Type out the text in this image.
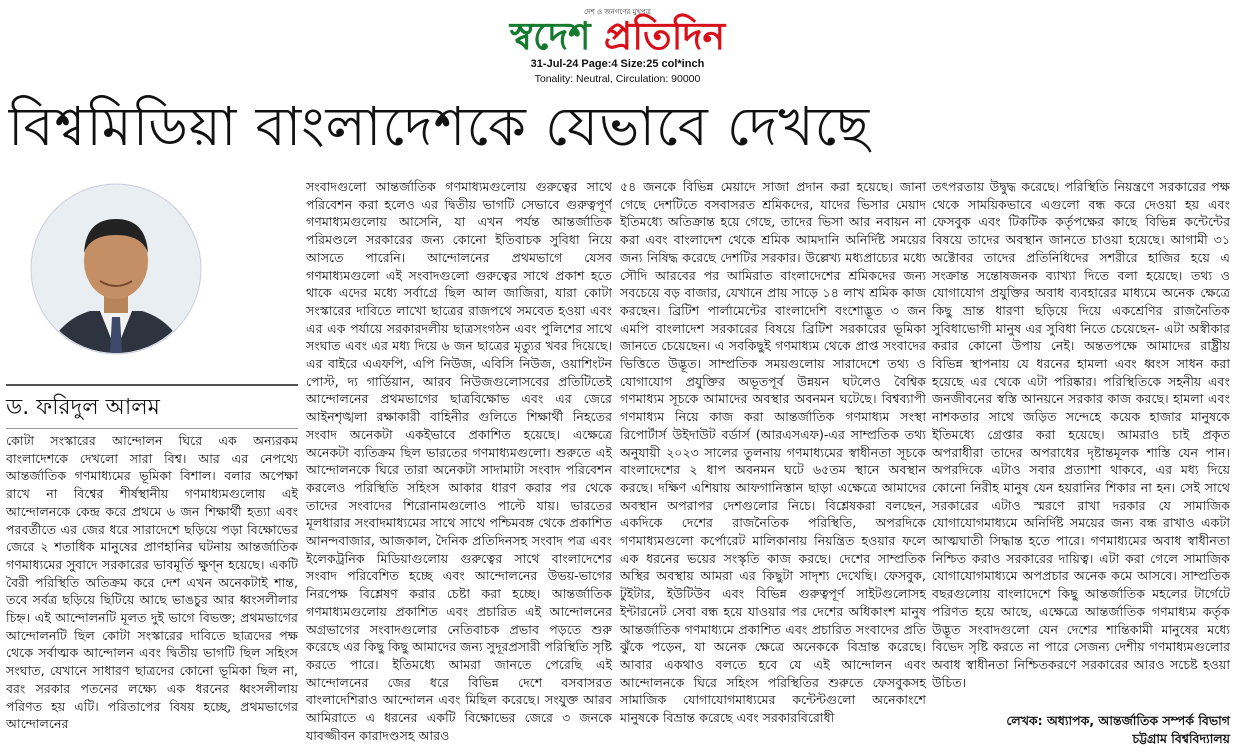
দেশ ও জনগণের মুখপত্র
স্বদেশ প্রতিদিন
31-Jul-24 Page:4 Size:25 col*inch
Tonality: Neutral, Circulation: 90000
বিশ্বমিডিয়া বাংলাদেশকে যেভাবে দেখছে
ড. ফরিদুল আলম

কোটা সংস্কারের আন্দোলন ঘিরে এক অন্যরকম বাংলাদেশকে দেখলো সারা বিশ্ব। আর এর নেপথ্যে আন্তর্জাতিক গণমাধ্যমের ভূমিকা বিশাল। বলার অপেক্ষা রাখে না বিশ্বের শীর্ষস্থানীয় গণমাধ্যমগুলোয় এই আন্দোলনকে কেন্দ্র করে প্রথমে ৬ জন শিক্ষার্থী হত্যা এবং পরবর্তীতে এর জের ধরে সারাদেশে ছড়িয়ে পড়া বিক্ষোভের জেরে ২ শতাধিক মানুষের প্রাণহানির ঘটনায় আন্তর্জাতিক গণমাধ্যমের সুবাদে সরকারের ভাবমূর্তি ক্ষুণ্ন হয়েছে। একটি বৈরী পরিস্থিতি অতিক্রম করে দেশ এখন অনেকটাই শান্ত, তবে সর্বত্র ছড়িয়ে ছিটিয়ে আছে ভাঙচুর আর ধ্বংসলীলার চিহ্ন। এই আন্দোলনটি মূলত দুই ভাগে বিভক্ত; প্রথমভাগের আন্দোলনটি ছিল কোটা সংস্কারের দাবিতে ছাত্রদের পক্ষ থেকে সর্বাত্মক আন্দোলন এবং দ্বিতীয় ভাগটি ছিল সহিংস সংঘাত, যেখানে সাধারণ ছাত্রদের কোনো ভূমিকা ছিল না, বরং সরকার পতনের লক্ষ্যে এক ধরনের ধ্বংসলীলায় পরিণত হয় এটি। পরিতাপের বিষয় হচ্ছে, প্রথমভাগের আন্দোলনের

সংবাদগুলো আন্তর্জাতিক গণমাধ্যমগুলোয় গুরুত্বের সাথে পরিবেশন করা হলেও এর দ্বিতীয় ভাগটি সেভাবে গুরুত্বপূর্ণ গণমাধ্যমগুলোয় আসেনি, যা এখন পর্যন্ত আন্তর্জাতিক পরিমণ্ডলে সরকারের জন্য কোনো ইতিবাচক সুবিধা নিয়ে আসতে পারেনি। আন্দোলনের প্রথমভাগে যেসব গণমাধ্যমগুলো এই সংবাদগুলো গুরুত্বের সাথে প্রকাশ হতে থাকে এদের মধ্যে সর্বাগ্রে ছিল আল জাজিরা, যারা কোটা সংস্কারের দাবিতে লাখো ছাত্রের রাজপথে সমবেত হওয়া এবং এর এক পর্যায়ে সরকারদলীয় ছাত্রসংগঠন এবং পুলিশের সাথে সংঘাত এবং এর মধ্য দিয়ে ৬ জন ছাত্রের মৃত্যুর খবর দিয়েছে। এর বাইরে এএফপি, এপি নিউজ, এবিসি নিউজ, ওয়াশিংটন পোস্ট, দ্য গার্ডিয়ান, আরব নিউজগুলোসবের প্রতিটিতেই আন্দোলনের প্রথমভাগের ছাত্রবিক্ষোভ এবং এর জেরে আইনশৃঙ্খলা রক্ষাকারী বাহিনীর গুলিতে শিক্ষার্থী নিহতের সংবাদ অনেকটা একইভাবে প্রকাশিত হয়েছে। এক্ষেত্রে অনেকটা ব্যতিক্রম ছিল ভারতের গণমাধ্যমগুলো। শুরুতে এই আন্দোলনকে ঘিরে তারা অনেকটা সাদামাটা সংবাদ পরিবেশন করলেও পরিস্থিতি সহিংস আকার ধারণ করার পর থেকে তাদের সংবাদের শিরোনামগুলোও পাল্টে যায়। ভারতের মূলধারার সংবাদমাধ্যমের সাথে সাথে পশ্চিমবঙ্গ থেকে প্রকাশিত আনন্দবাজার, আজকাল, দৈনিক প্রতিদিনসহ সংবাদ পত্র এবং ইলেকট্রনিক মিডিয়াগুলোয় গুরুত্বের সাথে বাংলাদেশের সংবাদ পরিবেশিত হচ্ছে এবং আন্দোলনের উভয়-ভাগের নিরপেক্ষ বিশ্লেষণ করার চেষ্টা করা হচ্ছে। আন্তর্জাতিক গণমাধ্যমগুলোয় প্রকাশিত এবং প্রচারিত এই আন্দোলনের অগ্রভাগের সংবাদগুলোর নেতিবাচক প্রভাব পড়তে শুরু করেছে এর কিছু কিছু আমাদের জন্য সুদূরপ্রসারী পরিস্থিতি সৃষ্টি করতে পারে। ইতিমধ্যে আমরা জানতে পেরেছি এই আন্দোলনের জের ধরে বিভিন্ন দেশে বসবাসরত বাংলাদেশিরাও আন্দোলন এবং মিছিল করেছে। সংযুক্ত আরব আমিরাতে এ ধরনের একটি বিক্ষোভের জেরে ৩ জনকে যাবজ্জীবন কারাদণ্ডসহ আরও

৫৪ জনকে বিভিন্ন মেয়াদে সাজা প্রদান করা হয়েছে। জানা গেছে দেশটিতে বসবাসরত শ্রমিকদের, যাদের ভিসার মেয়াদ ইতিমধ্যে অতিক্রান্ত হয়ে গেছে, তাদের ভিসা আর নবায়ন না করা এবং বাংলাদেশ থেকে শ্রমিক আমদানি অনির্দিষ্ট সময়ের জন্য নিষিদ্ধ করেছে দেশটির সরকার। উল্লেখ্য মধ্যপ্রাচ্যের মধ্যে সৌদি আরবের পর আমিরাত বাংলাদেশের শ্রমিকদের জন্য সবচেয়ে বড় বাজার, যেখানে প্রায় সাড়ে ১৪ লাখ শ্রমিক কাজ করছেন। ব্রিটিশ পার্লামেন্টের বাংলাদেশি বংশোদ্ভূত ৩ জন এমপি বাংলাদেশ সরকারের বিষয়ে ব্রিটিশ সরকারের ভূমিকা জানতে চেয়েছেন। এ সবকিছুই গণমাধ্যম থেকে প্রাপ্ত সংবাদের ভিত্তিতে উদ্ভূত। সাম্প্রতিক সময়গুলোয় সারাদেশে তথ্য ও যোগাযোগ প্রযুক্তির অভূতপূর্ব উন্নয়ন ঘটলেও বৈশ্বিক গণমাধ্যম সূচকে আমাদের অবস্থার অবনমন ঘটেছে। বিশ্বব্যাপী গণমাধ্যম নিয়ে কাজ করা আন্তর্জাতিক গণমাধ্যম সংস্থা রিপোর্টার্স উইদাউট বর্ডার্স (আরএসএফ)-এর সাম্প্রতিক তথ্য অনুযায়ী ২০২৩ সালের তুলনায় গণমাধ্যমের স্বাধীনতা সূচকে বাংলাদেশের ২ ধাপ অবনমন ঘটে ৬৫তম স্থানে অবস্থান করছে। দক্ষিণ এশিয়ায় আফগানিস্তান ছাড়া এক্ষেত্রে আমাদের অবস্থান অপরাপর দেশগুলোর নিচে। বিশ্লেষকরা বলছেন, একদিকে দেশের রাজনৈতিক পরিস্থিতি, অপরদিকে গণমাধ্যমগুলো কর্পোরেট মালিকানায় নিয়ন্ত্রিত হওয়ার ফলে এক ধরনের ভয়ের সংস্কৃতি কাজ করছে। দেশের সাম্প্রতিক অস্থির অবস্থায় আমরা এর কিছুটা সাদৃশ্য দেখেছি। ফেসবুক, টুইটার, ইউটিউব এবং বিভিন্ন গুরুত্বপূর্ণ সাইটগুলোসহ ইন্টারনেট সেবা বন্ধ হয়ে যাওয়ার পর দেশের অধিকাংশ মানুষ আন্তর্জাতিক গণমাধ্যমে প্রকাশিত এবং প্রচারিত সংবাদের প্রতি ঝুঁকে পড়েন, যা অনেক ক্ষেত্রে অনেককে বিভ্রান্ত করেছে। আবার একথাও বলতে হবে যে এই আন্দোলন এবং আন্দোলনকে ঘিরে সহিংস পরিস্থিতির শুরুতে ফেসবুকসহ সামাজিক যোগাযোগমাধ্যমের কন্টেন্টগুলো অনেকাংশে মানুষকে বিভ্রান্ত করেছে এবং সরকারবিরোধী

তৎপরতায় উদ্বুদ্ধ করেছে। পরিস্থিতি নিয়ন্ত্রণে সরকারের পক্ষ থেকে সাময়িকভাবে এগুলো বন্ধ করে দেওয়া হয় এবং ফেসবুক এবং টিকটিক কর্তৃপক্ষের কাছে বিভিন্ন কন্টেন্টের বিষয়ে তাদের অবস্থান জানতে চাওয়া হয়েছে। আগামী ৩১ অক্টোবর তাদের প্রতিনিধিদের সশরীরে হাজির হয়ে এ সংক্রান্ত সন্তোষজনক ব্যাখ্যা দিতে বলা হয়েছে। তথ্য ও যোগাযোগ প্রযুক্তির অবাধ ব্যবহারের মাধ্যমে অনেক ক্ষেত্রে কিছু ভ্রান্ত ধারণা ছড়িয়ে দিয়ে একশ্রেণির রাজনৈতিক সুবিধাভোগী মানুষ এর সুবিধা নিতে চেয়েছেন- এটা অস্বীকার করার কোনো উপায় নেই। অন্ততপক্ষে আমাদের রাষ্ট্রীয় বিভিন্ন স্থাপনায় যে ধরনের হামলা এবং ধ্বংস সাধন করা হয়েছে এর থেকে এটা পরিষ্কার। পরিস্থিতিকে সহনীয় এবং জনজীবনের স্বস্তি আনয়নে সরকার কাজ করছে। হামলা এবং নাশকতার সাথে জড়িত সন্দেহে কয়েক হাজার মানুষকে ইতিমধ্যে গ্রেপ্তার করা হয়েছে। আমরাও চাই প্রকৃত অপরাধীরা তাদের অপরাধের দৃষ্টান্তমূলক শাস্তি যেন পান। অপরদিকে এটাও সবার প্রত্যাশা থাকবে, এর মধ্য দিয়ে কোনো নিরীহ মানুষ যেন হয়রানির শিকার না হন। সেই সাথে সরকারের এটাও স্মরণে রাখা দরকার যে সামাজিক যোগাযোগমাধ্যমে অনির্দিষ্ট সময়ের জন্য বন্ধ রাখাও একটা আত্মঘাতী সিদ্ধান্ত হতে পারে। গণমাধ্যমের অবাধ স্বাধীনতা নিশ্চিত করাও সরকারের দায়িত্ব। এটা করা গেলে সামাজিক যোগাযোগমাধ্যমে অপপ্রচার অনেক কমে আসবে। সাম্প্রতিক বছরগুলোয় বাংলাদেশে কিছু আন্তর্জাতিক মহলের টার্গেটে পরিণত হয়ে আছে, এক্ষেত্রে আন্তর্জাতিক গণমাধ্যম কর্তৃক উদ্ভূত সংবাদগুলো যেন দেশের শান্তিকামী মানুষের মধ্যে বিভেদ সৃষ্টি করতে না পারে সেজন্য দেশীয় গণমাধ্যমগুলোর অবাধ স্বাধীনতা নিশ্চিতকরণে সরকারের আরও সচেষ্ট হওয়া উচিত।

লেখক: অধ্যাপক, আন্তর্জাতিক সম্পর্ক বিভাগ
চট্টগ্রাম বিশ্ববিদ্যালয়
